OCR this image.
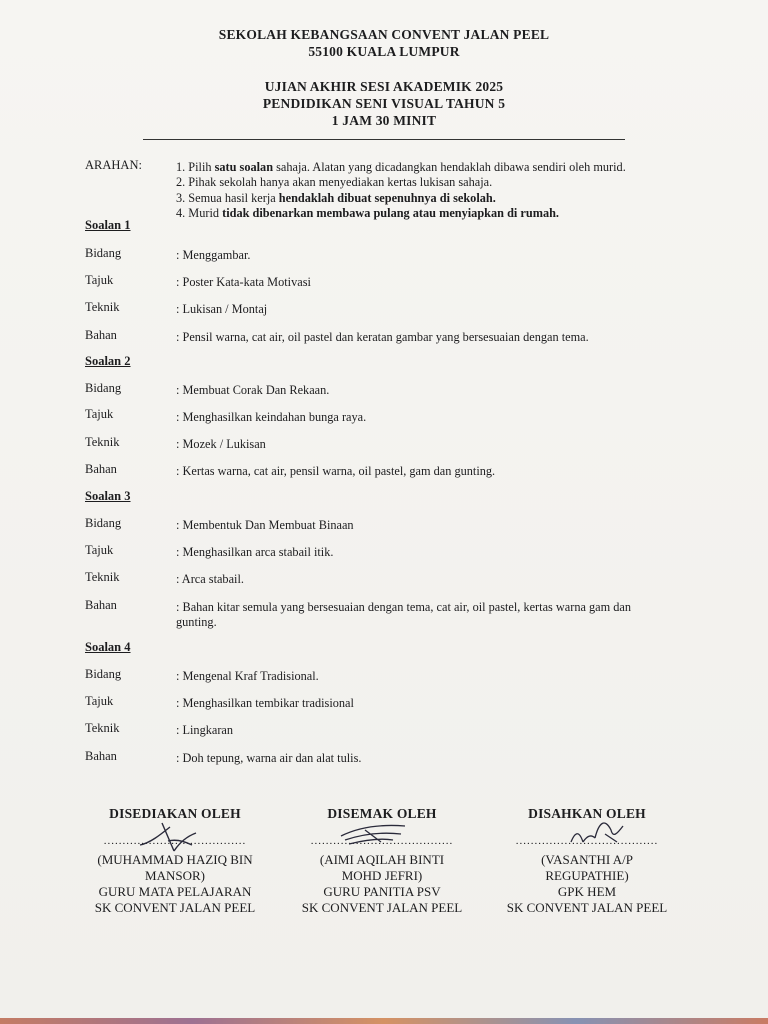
SEKOLAH KEBANGSAAN CONVENT JALAN PEEL
55100 KUALA LUMPUR
UJIAN AKHIR SESI AKADEMIK 2025
PENDIDIKAN SENI VISUAL TAHUN 5
1 JAM 30 MINIT
ARAHAN:	1. Pilih satu soalan sahaja. Alatan yang dicadangkan hendaklah dibawa sendiri oleh murid.
2. Pihak sekolah hanya akan menyediakan kertas lukisan sahaja.
3. Semua hasil kerja hendaklah dibuat sepenuhnya di sekolah.
4. Murid tidak dibenarkan membawa pulang atau menyiapkan di rumah.
Soalan 1
Bidang	: Menggambar.
Tajuk	: Poster Kata-kata Motivasi
Teknik	: Lukisan / Montaj
Bahan	: Pensil warna, cat air, oil pastel dan keratan gambar yang bersesuaian dengan tema.
Soalan 2
Bidang	: Membuat Corak Dan Rekaan.
Tajuk	: Menghasilkan keindahan bunga raya.
Teknik	: Mozek / Lukisan
Bahan	: Kertas warna, cat air, pensil warna, oil pastel, gam dan gunting.
Soalan 3
Bidang	: Membentuk Dan Membuat Binaan
Tajuk	: Menghasilkan arca stabail itik.
Teknik	: Arca stabail.
Bahan	: Bahan kitar semula yang bersesuaian dengan tema, cat air, oil pastel, kertas warna gam dan gunting.
Soalan 4
Bidang	: Mengenal Kraf Tradisional.
Tajuk	: Menghasilkan tembikar tradisional
Teknik	: Lingkaran
Bahan	: Doh tepung, warna air dan alat tulis.
DISEDIAKAN OLEH
......................................
(MUHAMMAD HAZIQ BIN
MANSOR)
GURU MATA PELAJARAN
SK CONVENT JALAN PEEL
DISEMAK OLEH
......................................
(AIMI AQILAH BINTI
MOHD JEFRI)
GURU PANITIA PSV
SK CONVENT JALAN PEEL
DISAHKAN OLEH
......................................
(VASANTHI A/P
REGUPATHIE)
GPK HEM
SK CONVENT JALAN PEEL
